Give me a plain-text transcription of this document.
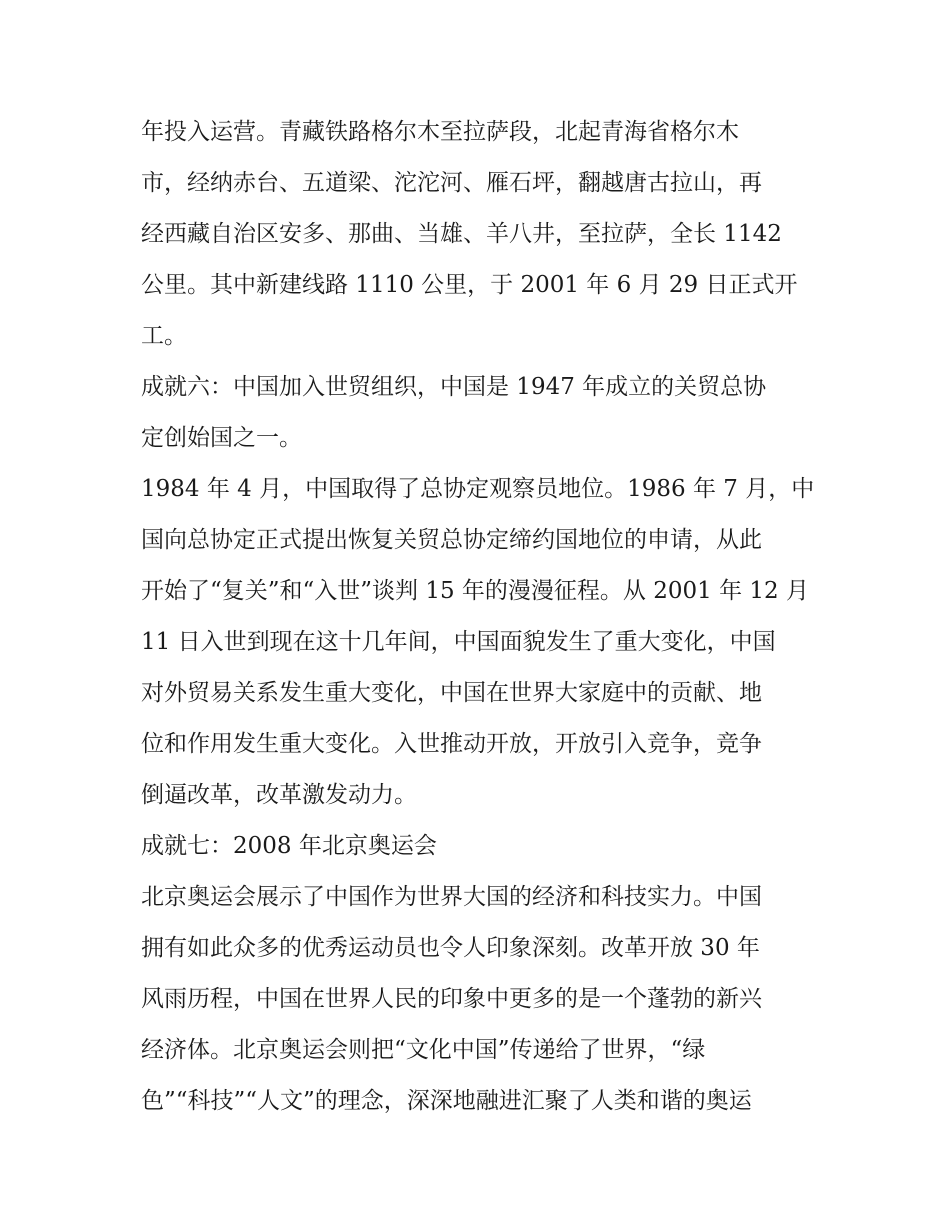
年投入运营。青藏铁路格尔木至拉萨段，北起青海省格尔木
市，经纳赤台、五道梁、沱沱河、雁石坪，翻越唐古拉山，再
经西藏自治区安多、那曲、当雄、羊八井，至拉萨，全长 1142
公里。其中新建线路 1110 公里，于 2001 年 6 月 29 日正式开
工。
成就六：中国加入世贸组织，中国是 1947 年成立的关贸总协
定创始国之一。
1984 年 4 月，中国取得了总协定观察员地位。1986 年 7 月，中
国向总协定正式提出恢复关贸总协定缔约国地位的申请，从此
开始了“复关”和“入世”谈判 15 年的漫漫征程。从 2001 年 12 月
11 日入世到现在这十几年间，中国面貌发生了重大变化，中国
对外贸易关系发生重大变化，中国在世界大家庭中的贡献、地
位和作用发生重大变化。入世推动开放，开放引入竞争，竞争
倒逼改革，改革激发动力。
成就七：2008 年北京奥运会
北京奥运会展示了中国作为世界大国的经济和科技实力。中国
拥有如此众多的优秀运动员也令人印象深刻。改革开放 30 年
风雨历程，中国在世界人民的印象中更多的是一个蓬勃的新兴
经济体。北京奥运会则把“文化中国”传递给了世界，“绿
色”“科技”“人文”的理念，深深地融进汇聚了人类和谐的奥运
